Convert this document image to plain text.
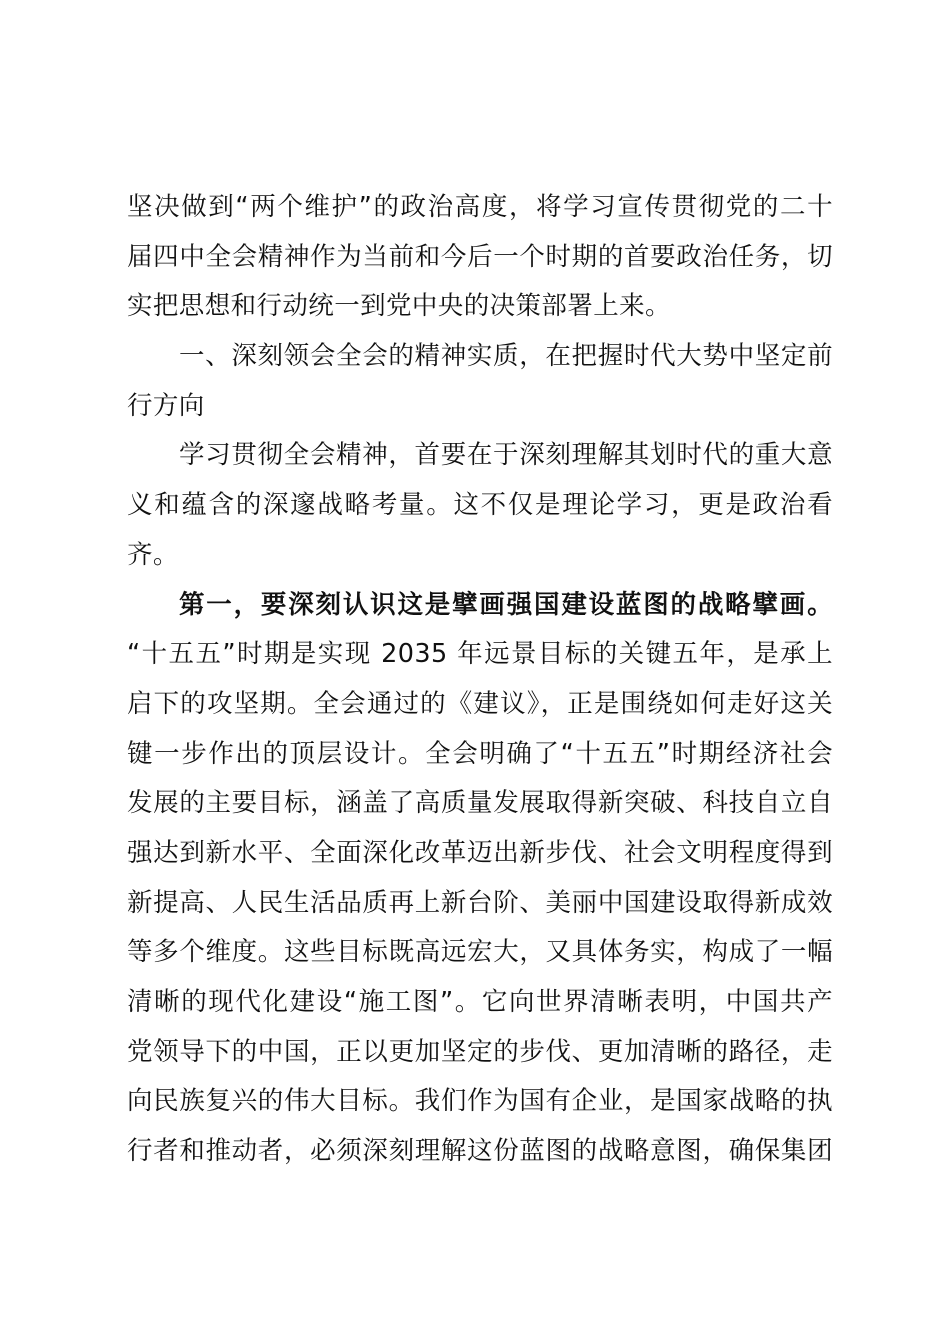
坚决做到“两个维护”的政治高度，将学习宣传贯彻党的二十
届四中全会精神作为当前和今后一个时期的首要政治任务，切
实把思想和行动统一到党中央的决策部署上来。
一、深刻领会全会的精神实质，在把握时代大势中坚定前
行方向
学习贯彻全会精神，首要在于深刻理解其划时代的重大意
义和蕴含的深邃战略考量。这不仅是理论学习，更是政治看
齐。
第一，要深刻认识这是擘画强国建设蓝图的战略擘画。
“十五五”时期是实现 2035 年远景目标的关键五年，是承上
启下的攻坚期。全会通过的《建议》，正是围绕如何走好这关
键一步作出的顶层设计。全会明确了“十五五”时期经济社会
发展的主要目标，涵盖了高质量发展取得新突破、科技自立自
强达到新水平、全面深化改革迈出新步伐、社会文明程度得到
新提高、人民生活品质再上新台阶、美丽中国建设取得新成效
等多个维度。这些目标既高远宏大，又具体务实，构成了一幅
清晰的现代化建设“施工图”。它向世界清晰表明，中国共产
党领导下的中国，正以更加坚定的步伐、更加清晰的路径，走
向民族复兴的伟大目标。我们作为国有企业，是国家战略的执
行者和推动者，必须深刻理解这份蓝图的战略意图，确保集团
